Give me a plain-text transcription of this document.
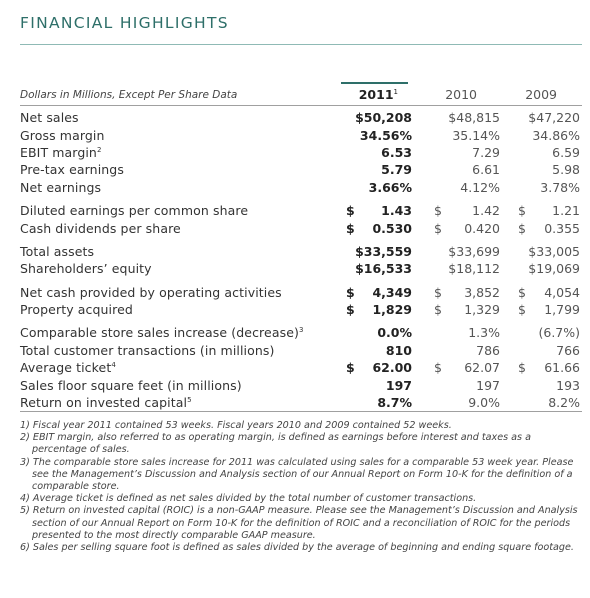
FINANCIAL HIGHLIGHTS
Dollars in Millions, Except Per Share Data	2011$^1$	2010	2009
Net sales	$50,208	$48,815	$47,220

Gross margin	34.56%	35.14%	34.86%

EBIT margin$^2$	6.53	7.29	6.59

Pre-tax earnings	5.79	6.61	5.98

Net earnings	3.66%	4.12%	3.78%

Diluted earnings per common share	$ 1.43	$ 1.42	$ 1.21

Cash dividends per share	$ 0.530	$ 0.420	$ 0.355

Total assets	$33,559	$33,699	$33,005

Shareholders’ equity	$16,533	$18,112	$19,069

Net cash provided by operating activities	$ 4,349	$ 3,852	$ 4,054

Property acquired	$ 1,829	$ 1,329	$ 1,799

Comparable store sales increase (decrease)$^3$	0.0%	1.3%	(6.7%)

Total customer transactions (in millions)	810	786	766

Average ticket$^4$	$ 62.00	$ 62.07	$ 61.66

Sales floor square feet (in millions)	197	197	193

Return on invested capital$^5$	8.7%	9.0%	8.2%
1) Fiscal year 2011 contained 53 weeks. Fiscal years 2010 and 2009 contained 52 weeks.
2) EBIT margin, also referred to as operating margin, is defined as earnings before interest and taxes as a percentage of sales.
3) The comparable store sales increase for 2011 was calculated using sales for a comparable 53 week year. Please see the Management’s Discussion and Analysis section of our Annual Report on Form 10-K for the definition of a comparable store.
4) Average ticket is defined as net sales divided by the total number of customer transactions.
5) Return on invested capital (ROIC) is a non-GAAP measure. Please see the Management’s Discussion and Analysis section of our Annual Report on Form 10-K for the definition of ROIC and a reconciliation of ROIC for the periods presented to the most directly comparable GAAP measure.
6) Sales per selling square foot is defined as sales divided by the average of beginning and ending square footage.
